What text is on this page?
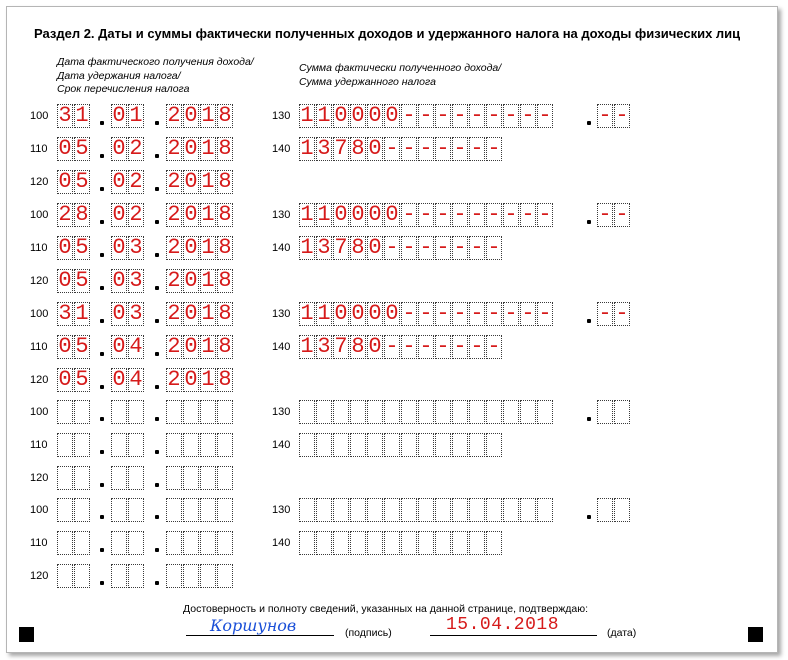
Раздел 2. Даты и суммы фактически полученных доходов и удержанного налога на доходы физических лиц
Дата фактического получения дохода/
Дата удержания налога/
Срок перечисления налога
Сумма фактически полученного дохода/
Сумма удержанного налога
100 3 1 0 1 2 0 1 8	130 1 1 0 0 0 0 - - - - - - - - - - -
110 0 5 0 2 2 0 1 8	140 1 3 7 8 0 - - - - - - -
120 0 5 0 2 2 0 1 8
100 2 8 0 2 2 0 1 8	130 1 1 0 0 0 0 - - - - - - - - - - -
110 0 5 0 3 2 0 1 8	140 1 3 7 8 0 - - - - - - -
120 0 5 0 3 2 0 1 8
100 3 1 0 3 2 0 1 8	130 1 1 0 0 0 0 - - - - - - - - - - -
110 0 5 0 4 2 0 1 8	140 1 3 7 8 0 - - - - - - -
120 0 5 0 4 2 0 1 8
100	130
110	140
120
100	130
110	140
120
Достоверность и полноту сведений, указанных на данной странице, подтверждаю:
Коршунов	(подпись)	15.04.2018	(дата)
